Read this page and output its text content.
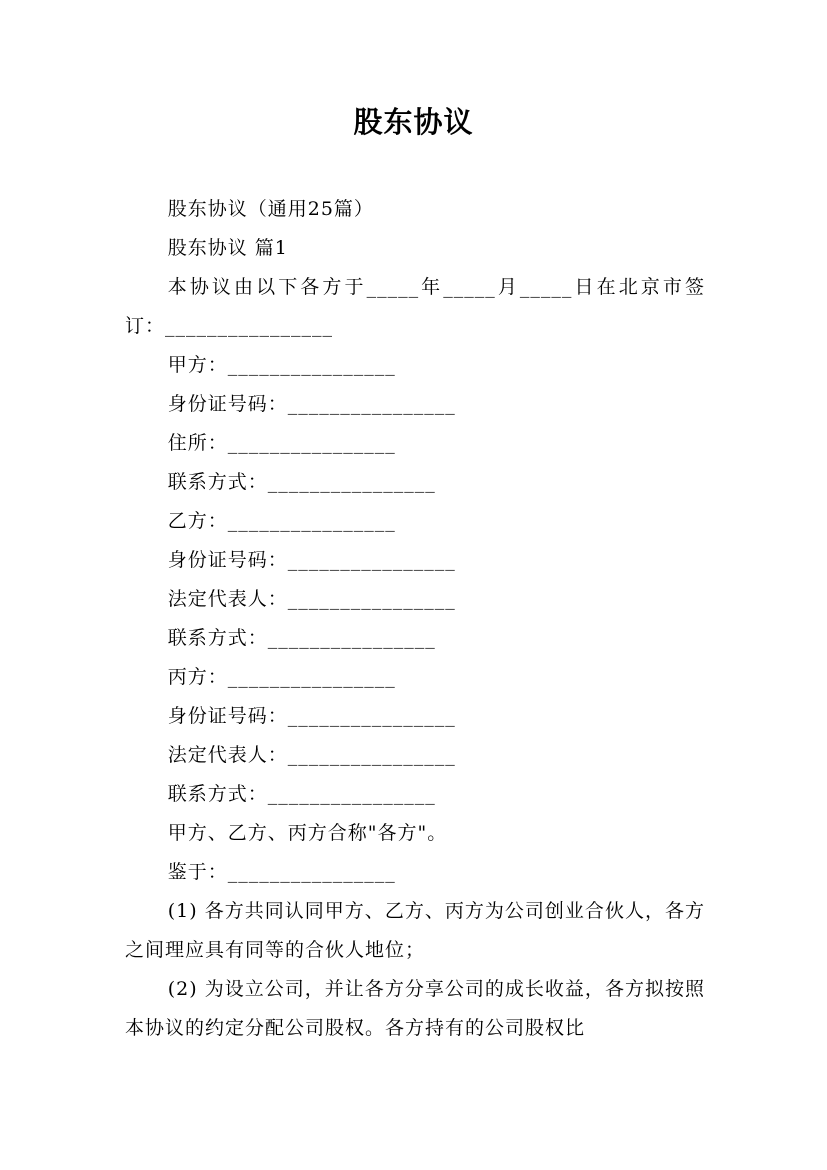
股东协议

股东协议（通用25篇）

股东协议 篇1

本协议由以下各方于_____年_____月_____日在北京市签订：________________

甲方：________________

身份证号码：________________

住所：________________

联系方式：________________

乙方：________________

身份证号码：________________

法定代表人：________________

联系方式：________________

丙方：________________

身份证号码：________________

法定代表人：________________

联系方式：________________

甲方、乙方、丙方合称"各方"。

鉴于：________________

(1) 各方共同认同甲方、乙方、丙方为公司创业合伙人，各方之间理应具有同等的合伙人地位；

(2) 为设立公司，并让各方分享公司的成长收益，各方拟按照本协议的约定分配公司股权。各方持有的公司股权比
